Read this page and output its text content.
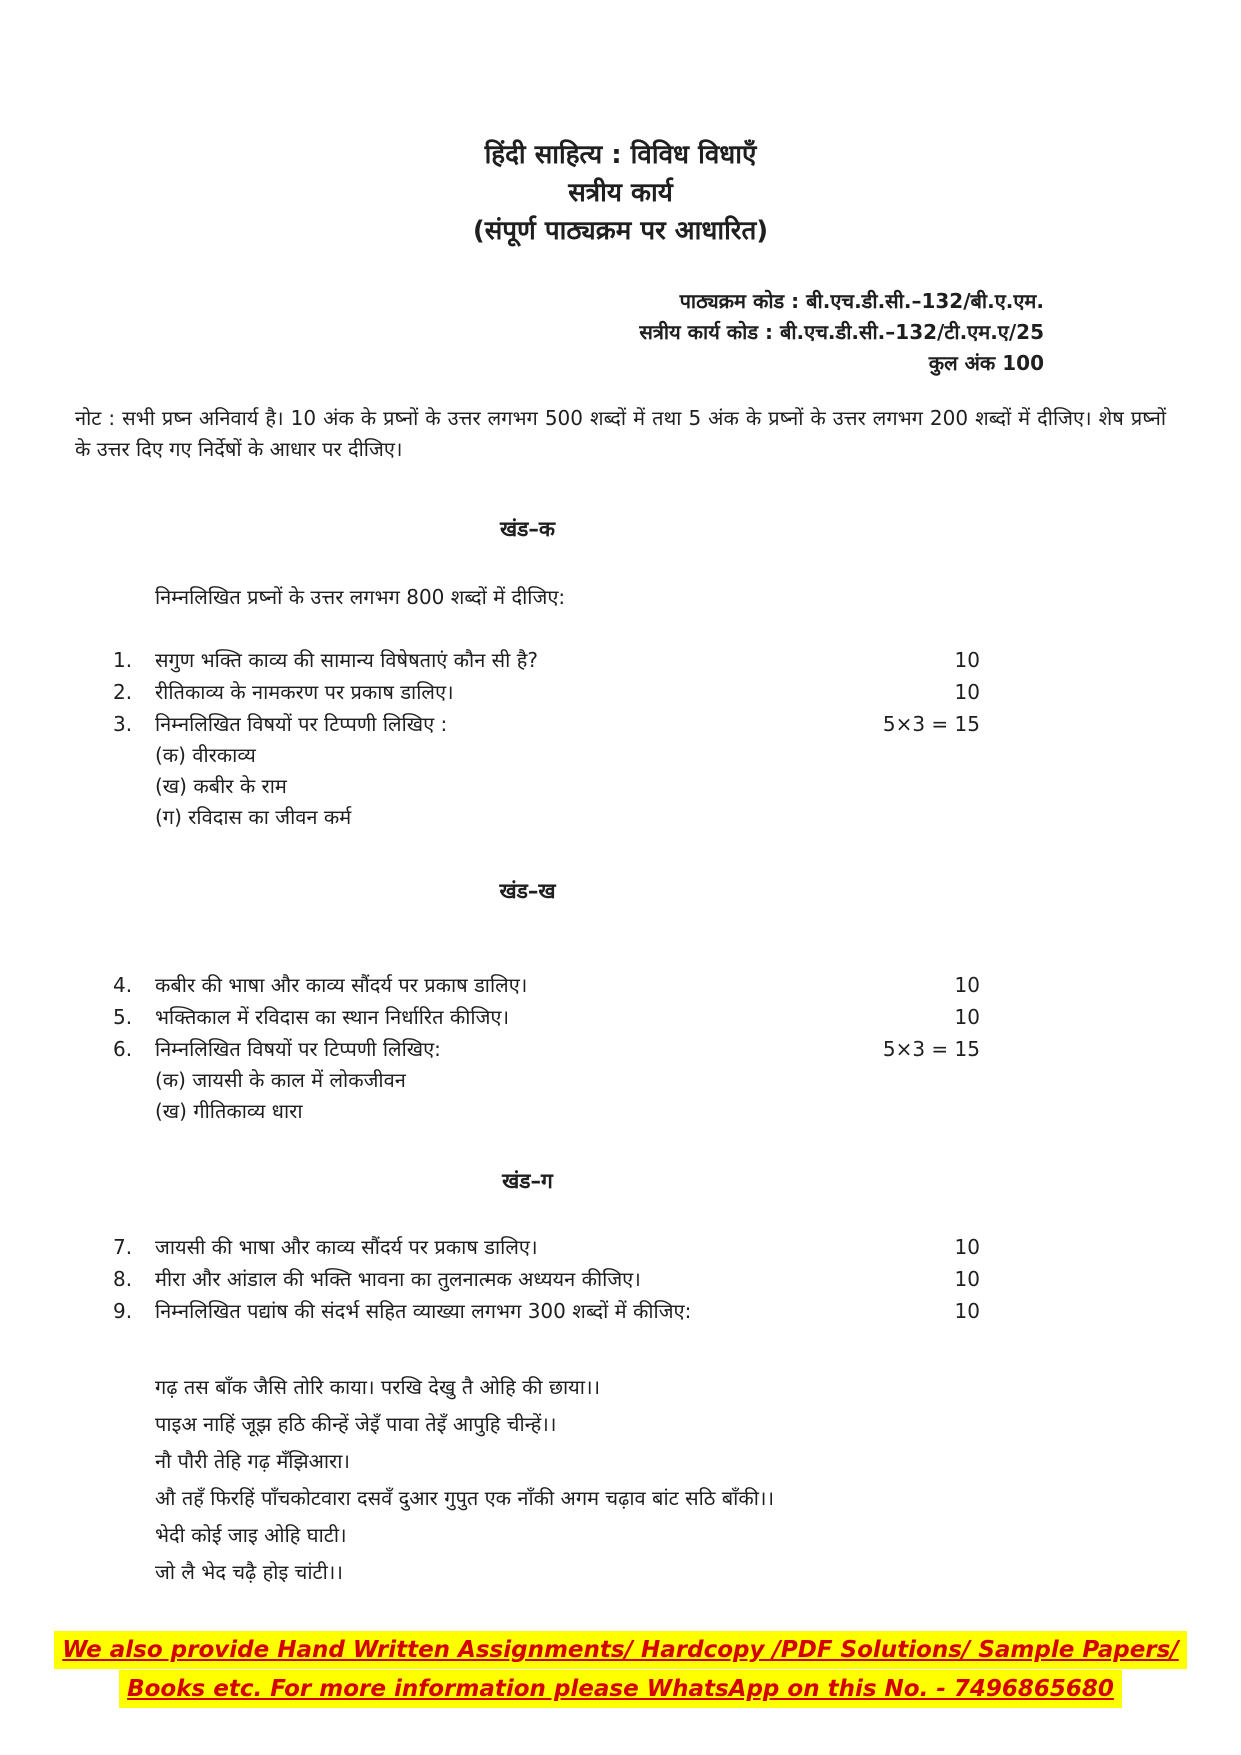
हिंदी साहित्य : विविध विधाएँ
सत्रीय कार्य
(संपूर्ण पाठ्यक्रम पर आधारित)
पाठ्यक्रम कोड : बी.एच.डी.सी.–132/बी.ए.एम.
सत्रीय कार्य कोड : बी.एच.डी.सी.–132/टी.एम.ए/25
कुल अंक 100
नोट : सभी प्रष्न अनिवार्य है। 10 अंक के प्रष्नों के उत्तर लगभग 500 शब्दों में तथा 5 अंक के प्रष्नों के उत्तर लगभग 200 शब्दों में दीजिए। शेष प्रष्नों के उत्तर दिए गए निर्देषों के आधार पर दीजिए।
खंड–क
निम्नलिखित प्रष्नों के उत्तर लगभग 800 शब्दों में दीजिए:
1.	सगुण भक्ति काव्य की सामान्य विषेषताएं कौन सी है?	10
2.	रीतिकाव्य के नामकरण पर प्रकाष डालिए।	10
3.	निम्नलिखित विषयों पर टिप्पणी लिखिए :	5×3 = 15
(क) वीरकाव्य
(ख) कबीर के राम
(ग) रविदास का जीवन कर्म
खंड–ख
4.	कबीर की भाषा और काव्य सौंदर्य पर प्रकाष डालिए।	10
5.	भक्तिकाल में रविदास का स्थान निर्धारित कीजिए।	10
6.	निम्नलिखित विषयों पर टिप्पणी लिखिए:	5×3 = 15
(क) जायसी के काल में लोकजीवन
(ख) गीतिकाव्य धारा
खंड–ग
7.	जायसी की भाषा और काव्य सौंदर्य पर प्रकाष डालिए।	10
8.	मीरा और आंडाल की भक्ति भावना का तुलनात्मक अध्ययन कीजिए।	10
9.	निम्नलिखित पद्यांष की संदर्भ सहित व्याख्या लगभग 300 शब्दों में कीजिए:	10
गढ़ तस बाँक जैसि तोरि काया। परखि देखु तै ओहि की छाया।।
पाइअ नाहिं जूझ हठि कीन्हें जेइँ पावा तेइँ आपुहि चीन्हें।।
नौ पौरी तेहि गढ़ मँझिआरा।
औ तहँ फिरहिं पाँचकोटवारा दसवँ दुआर गुपुत एक नाँकी अगम चढ़ाव बांट सठि बाँकी।।
भेदी कोई जाइ ओहि घाटी।
जो लै भेद चढ़ै होइ चांटी।।
We also provide Hand Written Assignments/ Hardcopy /PDF Solutions/ Sample Papers/
Books etc. For more information please WhatsApp on this No. - 7496865680
